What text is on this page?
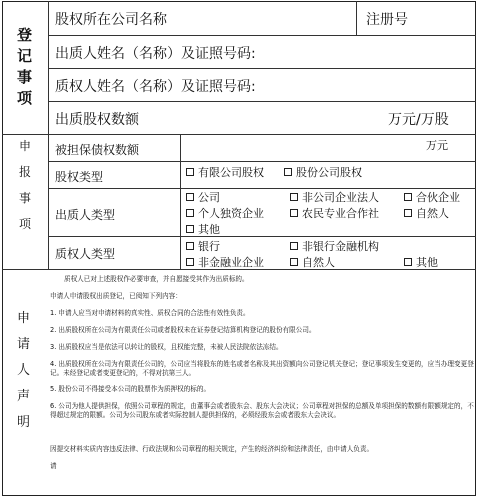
登
记
事
项
股权所在公司名称	注册号
出质人姓名（名称）及证照号码:
质权人姓名（名称）及证照号码:
出质股权数额	万元/万股
申
报
事
项
被担保债权数额	万元
股权类型	有限公司股权	股份公司股权
出质人类型
公司	非公司企业法人	合伙企业
个人独资企业	农民专业合作社	自然人
其他
质权人类型
银行	非银行金融机构
非金融业企业	自然人	其他
申
请
人
声
明
质权人已对上述股权作必要审查，并自愿接受其作为出质标的。
申请人申请股权出质登记，已阅知下列内容：
1. 申请人应当对申请材料的真实性、质权合同的合法性有效性负责。
2. 出质股权所在公司为有限责任公司或者股权未在证券登记结算机构登记的股份有限公司。
3. 出质股权应当是依法可以转让的股权，且权能完整，未被人民法院依法冻结。
4. 出质股权所在公司为有限责任公司的，公司应当将股东的姓名或者名称及其出资额向公司登记机关登记；登记事项发生变更的，应当办理变更登记。未经登记或者变更登记的，不得对抗第三人。
5. 股份公司不得接受本公司的股票作为质押权的标的。
6. 公司为他人提供担保，依照公司章程的规定，由董事会或者股东会、股东大会决议；公司章程对担保的总额及单项担保的数额有限额规定的，不得超过规定的限额。公司为公司股东或者实际控制人提供担保的，必须经股东会或者股东大会决议。
因提交材料实质内容违反法律、行政法规和公司章程的相关规定，产生的经济纠纷和法律责任，由申请人负责。
请
